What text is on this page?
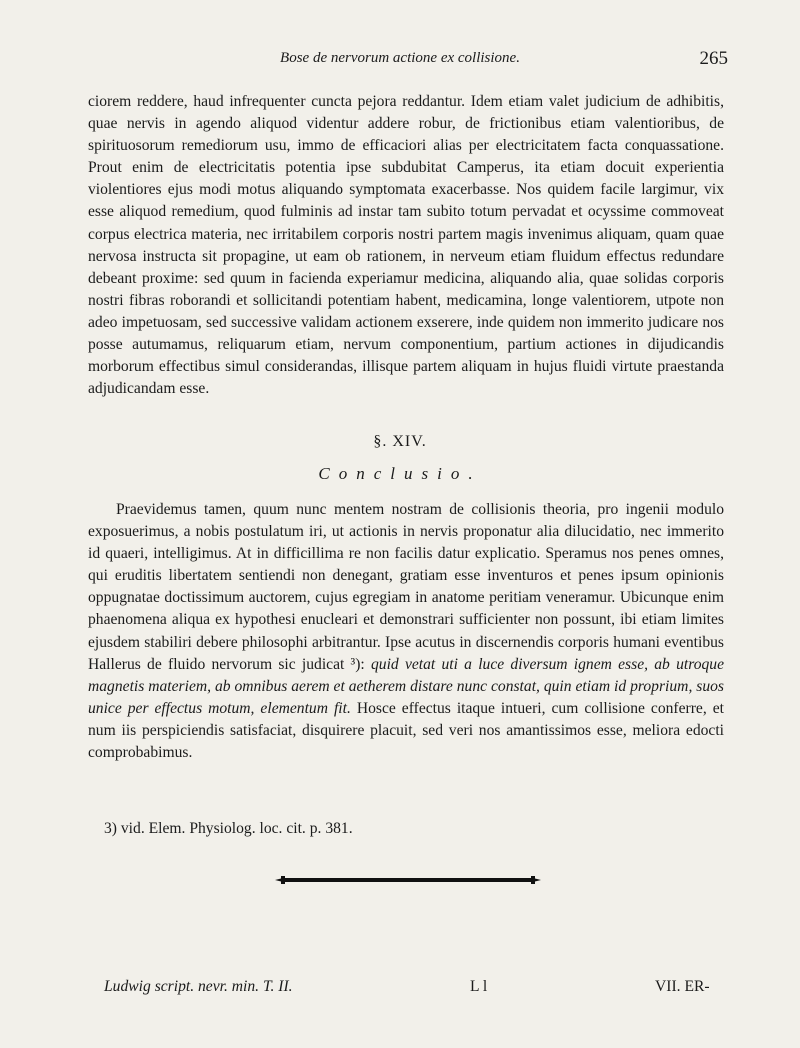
Bose de nervorum actione ex collisione.	265

ciorem reddere, haud infrequenter cuncta pejora reddantur. Idem etiam valet judicium de adhibitis, quae nervis in agendo aliquod videntur addere robur, de frictionibus etiam valentioribus, de spirituosorum remediorum usu, immo de efficaciori alias per electricitatem facta conquassatione. Prout enim de electricitatis potentia ipse subdubitat Camperus, ita etiam docuit experientia violentiores ejus modi motus aliquando symptomata exacerbasse. Nos quidem facile largimur, vix esse aliquod remedium, quod fulminis ad instar tam subito totum pervadat et ocyssime commoveat corpus electrica materia, nec irritabilem corporis nostri partem magis invenimus aliquam, quam quae nervosa instructa sit propagine, ut eam ob rationem, in nerveum etiam fluidum effectus redundare debeant proxime: sed quum in facienda experiamur medicina, aliquando alia, quae solidas corporis nostri fibras roborandi et sollicitandi potentiam habent, medicamina, longe valentiorem, utpote non adeo impetuosam, sed successive validam actionem exserere, inde quidem non immerito judicare nos posse autumamus, reliquarum etiam, nervum componentium, partium actiones in dijudicandis morborum effectibus simul considerandas, illisque partem aliquam in hujus fluidi virtute praestanda adjudicandam esse.

§. XIV.
Conclusio.

Praevidemus tamen, quum nunc mentem nostram de collisionis theoria, pro ingenii modulo exposuerimus, a nobis postulatum iri, ut actionis in nervis proponatur alia dilucidatio, nec immerito id quaeri, intelligimus. At in difficillima re non facilis datur explicatio. Speramus nos penes omnes, qui eruditis libertatem sentiendi non denegant, gratiam esse inventuros et penes ipsum opinionis oppugnatae doctissimum auctorem, cujus egregiam in anatome peritiam veneramur. Ubicunque enim phaenomena aliqua ex hypothesi enucleari et demonstrari sufficienter non possunt, ibi etiam limites ejusdem stabiliri debere philosophi arbitrantur. Ipse acutus in discernendis corporis humani eventibus Hallerus de fluido nervorum sic judicat ³): quid vetat uti a luce diversum ignem esse, ab utroque magnetis materiem, ab omnibus aerem et aetherem distare nunc constat, quin etiam id proprium, suos unice per effectus motum, elementum fit. Hosce effectus itaque intueri, cum collisione conferre, et num iis perspiciendis satisfaciat, disquirere placuit, sed veri nos amantissimos esse, meliora edocti comprobabimus.

3) vid. Elem. Physiolog. loc. cit. p. 381.
Ludwig script. nevr. min. T. II.	L l	VII. ER-
